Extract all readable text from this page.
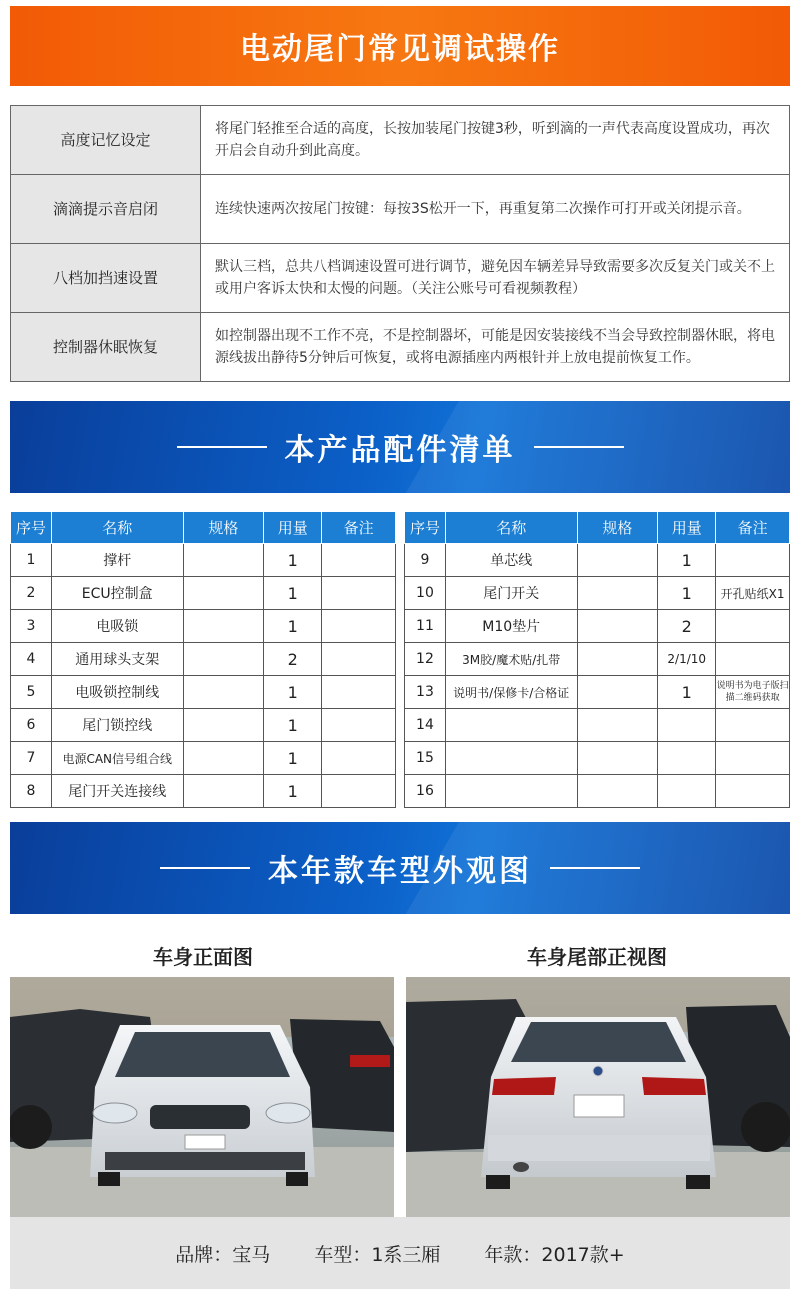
电动尾门常见调试操作
高度记忆设定	将尾门轻推至合适的高度，长按加装尾门按键3秒，听到滴的一声代表高度设置成功，再次开启会自动升到此高度。
滴滴提示音启闭	连续快速两次按尾门按键：每按3S松开一下，再重复第二次操作可打开或关闭提示音。
八档加挡速设置	默认三档，总共八档调速设置可进行调节，避免因车辆差异导致需要多次反复关门或关不上或用户客诉太快和太慢的问题。（关注公账号可看视频教程）
控制器休眠恢复	如控制器出现不工作不亮，不是控制器坏，可能是因安装接线不当会导致控制器休眠，将电源线拔出静待5分钟后可恢复，或将电源插座内两根针并上放电提前恢复工作。
本产品配件清单
序号	名称	规格	用量	备注
1	撑杆		1	
2	ECU控制盒		1	
3	电吸锁		1	
4	通用球头支架		2	
5	电吸锁控制线		1	
6	尾门锁控线		1	
7	电源CAN信号组合线		1	
8	尾门开关连接线		1	
序号	名称	规格	用量	备注
9	单芯线		1	
10	尾门开关		1	开孔贴纸X1
11	M10垫片		2	
12	3M胶/魔术贴/扎带		2/1/10	
13	说明书/保修卡/合格证		1	说明书为电子版扫描二维码获取
14				
15				
16				
本年款车型外观图
车身正面图	车身尾部正视图
品牌：宝马 车型：1系三厢 年款：2017款+
